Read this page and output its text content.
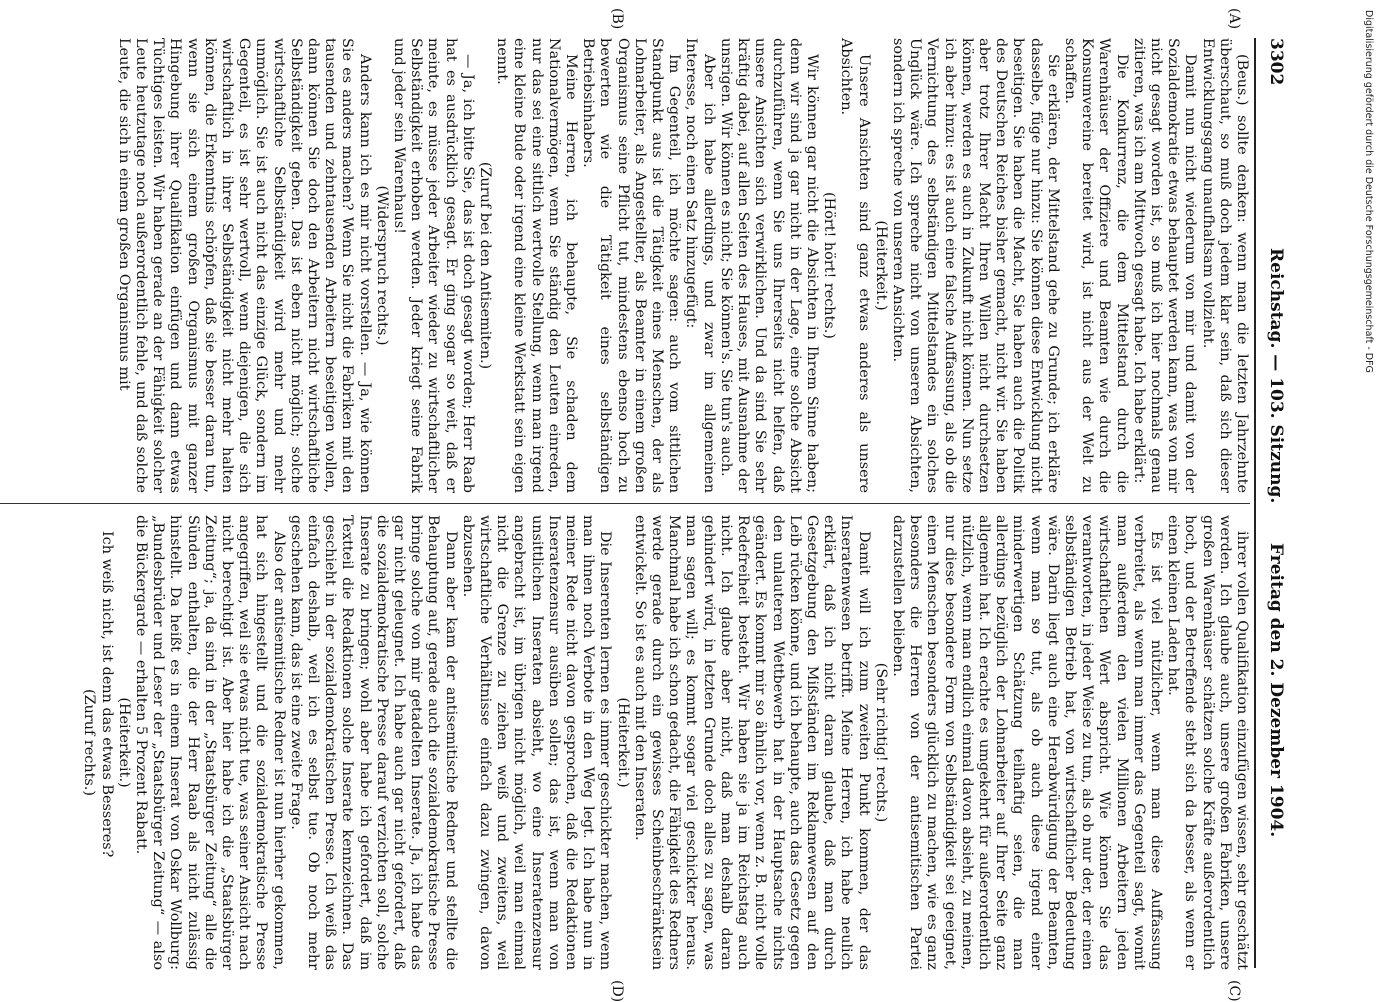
3302
Reichstag. — 103. Sitzung.
Freitag den 2. Dezember 1904.
(A)
(B)
(C)
(D)

(Beus.) sollte denken: wenn man die letzten Jahrzehnte überschaut, so muß doch jedem klar sein, daß sich dieser Entwicklungsgang unaufhaltsam vollzieht.

Damit nun nicht wiederum von mir und damit von der Sozialdemokratie etwas behauptet werden kann, was von mir nicht gesagt worden ist, so muß ich hier nochmals genau zitieren, was ich am Mittwoch gesagt habe. Ich habe erklärt:

Die Konkurrenz, die dem Mittelstand durch die Warenhäuser der Offiziere und Beamten wie durch die Konsumvereine bereitet wird, ist nicht aus der Welt zu schaffen.

Sie erklären, der Mittelstand gehe zu Grunde; ich erkläre dasselbe, füge nur hinzu: Sie können diese Entwicklung nicht beseitigen. Sie haben die Macht, Sie haben auch die Politik des Deutschen Reiches bisher gemacht, nicht wir. Sie haben aber trotz Ihrer Macht Ihren Willen nicht durchsetzen können, werden es auch in Zukunft nicht können. Nun setze ich aber hinzu: es ist auch eine falsche Auffassung, als ob die Vernichtung des selbständigen Mittelstandes ein solches Unglück wäre. Ich spreche nicht von unseren Absichten, sondern ich spreche von unseren Ansichten.

(Heiterkeit.)

Unsere Ansichten sind ganz etwas anderes als unsere Absichten.

(Hört! hört! rechts.)

Wir können gar nicht die Absichten in Ihrem Sinne haben; denn wir sind ja gar nicht in der Lage, eine solche Absicht durchzuführen, wenn Sie uns Ihrerseits nicht helfen, daß unsere Ansichten sich verwirklichen. Und da sind Sie sehr kräftig dabei, auf allen Seiten des Hauses, mit Ausnahme der unsrigen. Wir können es nicht; Sie können's. Sie tun's auch.

Aber ich habe allerdings, und zwar im allgemeinen Interesse, noch einen Satz hinzugefügt:

Im Gegenteil, ich möchte sagen: auch vom sittlichen Standpunkt aus ist die Tätigkeit eines Menschen, der als Lohnarbeiter, als Angestellter, als Beamter in einem großen Organismus seine Pflicht tut, mindestens ebenso hoch zu bewerten wie die Tätigkeit eines selbständigen Betriebsinhabers.

Meine Herren, ich behaupte, Sie schaden dem Nationalvermögen, wenn Sie ständig den Leuten einreden, nur das sei eine sittlich wertvolle Stellung, wenn man irgend eine kleine Bude oder irgend eine kleine Werkstatt sein eigen nennt.

(Zuruf bei den Antisemiten.)

— Ja, ich bitte Sie, das ist doch gesagt worden; Herr Raab hat es ausdrücklich gesagt. Er ging sogar so weit, daß er meinte, es müsse jeder Arbeiter wieder zu wirtschaftlicher Selbständigkeit erhoben werden. Jeder kriegt seine Fabrik und jeder sein Warenhaus!

(Widerspruch rechts.)

Anders kann ich es mir nicht vorstellen. — Ja, wie können Sie es anders machen? Wenn Sie nicht die Fabriken mit den tausenden und zehntausenden Arbeitern beseitigen wollen, dann können Sie doch den Arbeitern nicht wirtschaftliche Selbständigkeit geben. Das ist eben nicht möglich; solche wirtschaftliche Selbständigkeit wird mehr und mehr unmöglich. Sie ist auch nicht das einzige Glück, sondern im Gegenteil, es ist sehr wertvoll, wenn diejenigen, die sich wirtschaftlich in ihrer Selbständigkeit nicht mehr halten können, die Erkenntnis schöpfen, daß sie besser daran tun, wenn sie sich einem großen Organismus mit ganzer Hingebung ihrer Qualifikation einfügen und dann etwas Tüchtiges leisten. Wir haben gerade an der Fähigkeit solcher Leute heutzutage noch außerordentlich fehle, und daß solche Leute, die sich in einem großen Organismus mit

ihrer vollen Qualifikation einzufügen wissen, sehr geschätzt werden. Ich glaube auch, unsere großen Fabriken, unsere großen Warenhäuser schätzen solche Kräfte außerordentlich hoch, und der Betreffende steht sich da besser, als wenn er einen kleinen Laden hat.

Es ist viel nützlicher, wenn man diese Auffassung verbreitet, als wenn man immer das Gegenteil sagt, womit man außerdem den vielen Millionen Arbeitern jeden wirtschaftlichen Wert abspricht. Wie können Sie das verantworten, in jeder Weise zu tun, als ob nur der, der einen selbständigen Betrieb hat, von wirtschaftlicher Bedeutung wäre. Darin liegt auch eine Herabwürdigung der Beamten, wenn man so tut, als ob auch diese irgend einer minderwertigen Schätzung teilhaftig seien, die man allerdings bezüglich der Lohnarbeiter auf Ihrer Seite ganz allgemein hat. Ich erachte es umgekehrt für außerordentlich nützlich, wenn man endlich einmal davon absieht, zu meinen, nur diese besondere Form von Selbständigkeit sei geeignet, einen Menschen besonders glücklich zu machen, wie es ganz besonders die Herren von der antisemitischen Partei darzustellen belieben.

(Sehr richtig! rechts.)

Damit will ich zum zweiten Punkt kommen, der das Inseratenwesen betrifft. Meine Herren, ich habe neulich erklärt, daß ich nicht daran glaube, daß man durch Gesetzgebung den Mißständen im Reklamewesen auf den Leib rücken könne, und ich behaupte, auch das Gesetz gegen den unlauteren Wettbewerb hat in der Hauptsache nichts geändert. Es kommt mir so ähnlich vor, wenn z. B. nicht volle Redefreiheit besteht. Wir haben sie ja im Reichstag auch nicht. Ich glaube aber nicht, daß man deshalb daran gehindert wird, in letzten Grunde doch alles zu sagen, was man sagen will; es kommt sogar viel geschickter heraus. Manchmal habe ich schon gedacht, die Fähigkeit des Redners werde gerade durch ein gewisses Scheinbeschränktsein entwickelt. So ist es auch mit den Inseraten.

(Heiterkeit.)

Die Inserenten lernen es immer geschickter machen, wenn man ihnen noch Verbote in den Weg legt. Ich habe nun in meiner Rede nicht davon gesprochen, daß die Redaktionen Inseratenzensur ausüben sollen; das ist, wenn man von unsittlichen Inseraten absieht, wo eine Inseratenzensur angebracht ist, im übrigen nicht möglich, weil man einmal nicht die Grenze zu ziehen weiß und zweitens, weil wirtschaftliche Verhältnisse einfach dazu zwingen, davon abzusehen.

Dann aber kam der antisemitische Redner und stellte die Behauptung auf, gerade auch die sozialdemokratische Presse bringe solche von mir getadelten Inserate. Ja, ich habe das gar nicht geleugnet. Ich habe auch gar nicht gefordert, daß die sozialdemokratische Presse darauf verzichten soll, solche Inserate zu bringen; wohl aber habe ich gefordert, daß im Textteil die Redaktionen solche Inserate kennzeichnen. Das geschieht in der sozialdemokratischen Presse. Ich weiß das einfach deshalb, weil ich es selbst tue. Ob noch mehr geschehen kann, das ist eine zweite Frage.

Also der antisemitische Redner ist nun hierher gekommen, hat sich hingestellt und die sozialdemokratische Presse angegriffen, weil sie etwas nicht tue, was seiner Ansicht nach nicht berechtigt ist. Aber hier habe ich die „Staatsbürger Zeitung“; ja, da sind in der „Staatsbürger Zeitung“ alle die Sünden enthalten, die der Herr Raab als nicht zulässig hinstellt. Da heißt es in einem Inserat von Oskar Wollburg: „Bundesbrüder und Leser der „Staatsbürger Zeitung“ — also die Bückergarde — erhalten 5 Prozent Rabatt.

(Heiterkeit.)

Ich weiß nicht, ist denn das etwas Besseres?

(Zuruf rechts.)

Digitalisierung gefördert durch die Deutsche Forschungsgemeinschaft - DFG
